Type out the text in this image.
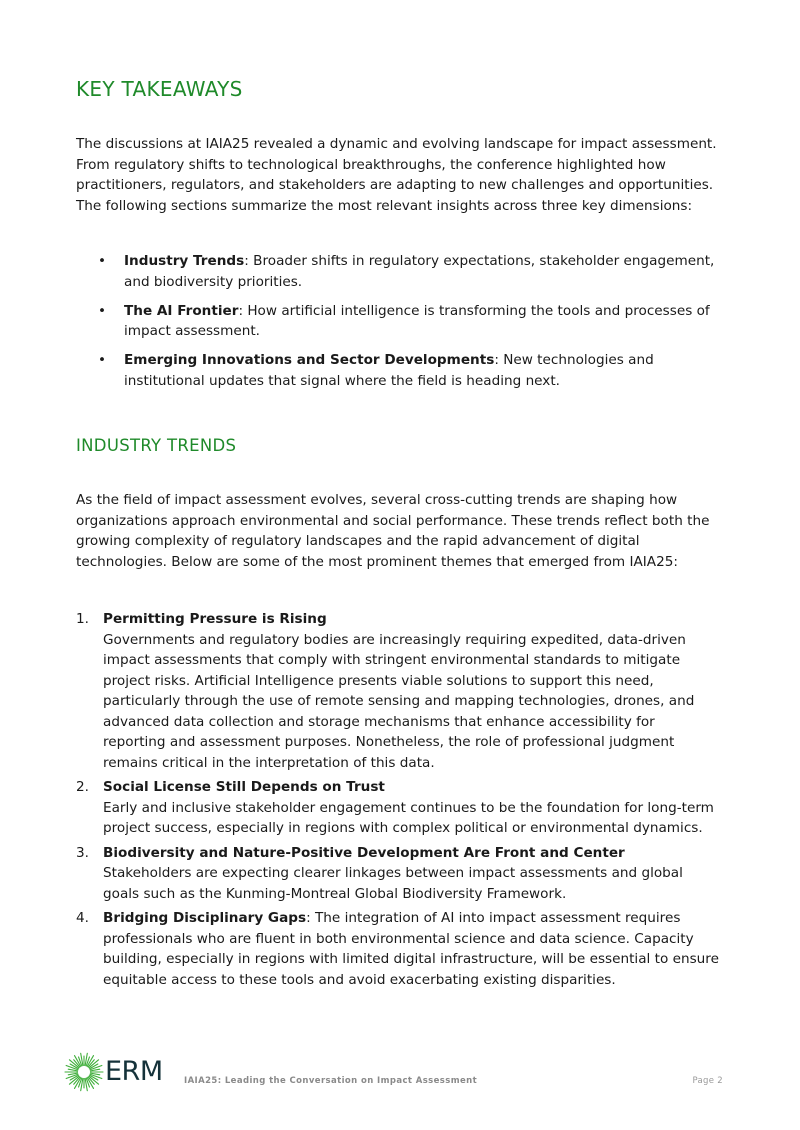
KEY TAKEAWAYS

The discussions at IAIA25 revealed a dynamic and evolving landscape for impact assessment. From regulatory shifts to technological breakthroughs, the conference highlighted how practitioners, regulators, and stakeholders are adapting to new challenges and opportunities. The following sections summarize the most relevant insights across three key dimensions:

• Industry Trends: Broader shifts in regulatory expectations, stakeholder engagement, and biodiversity priorities.
• The AI Frontier: How artificial intelligence is transforming the tools and processes of impact assessment.
• Emerging Innovations and Sector Developments: New technologies and institutional updates that signal where the field is heading next.
INDUSTRY TRENDS

As the field of impact assessment evolves, several cross-cutting trends are shaping how organizations approach environmental and social performance. These trends reflect both the growing complexity of regulatory landscapes and the rapid advancement of digital technologies. Below are some of the most prominent themes that emerged from IAIA25:

1. Permitting Pressure is Rising
Governments and regulatory bodies are increasingly requiring expedited, data-driven impact assessments that comply with stringent environmental standards to mitigate project risks. Artificial Intelligence presents viable solutions to support this need, particularly through the use of remote sensing and mapping technologies, drones, and advanced data collection and storage mechanisms that enhance accessibility for reporting and assessment purposes. Nonetheless, the role of professional judgment remains critical in the interpretation of this data.
2. Social License Still Depends on Trust
Early and inclusive stakeholder engagement continues to be the foundation for long-term project success, especially in regions with complex political or environmental dynamics.
3. Biodiversity and Nature-Positive Development Are Front and Center
Stakeholders are expecting clearer linkages between impact assessments and global goals such as the Kunming-Montreal Global Biodiversity Framework.
4. Bridging Disciplinary Gaps: The integration of AI into impact assessment requires professionals who are fluent in both environmental science and data science. Capacity building, especially in regions with limited digital infrastructure, will be essential to ensure equitable access to these tools and avoid exacerbating existing disparities.
ERM	IAIA25: Leading the Conversation on Impact Assessment	Page 2
